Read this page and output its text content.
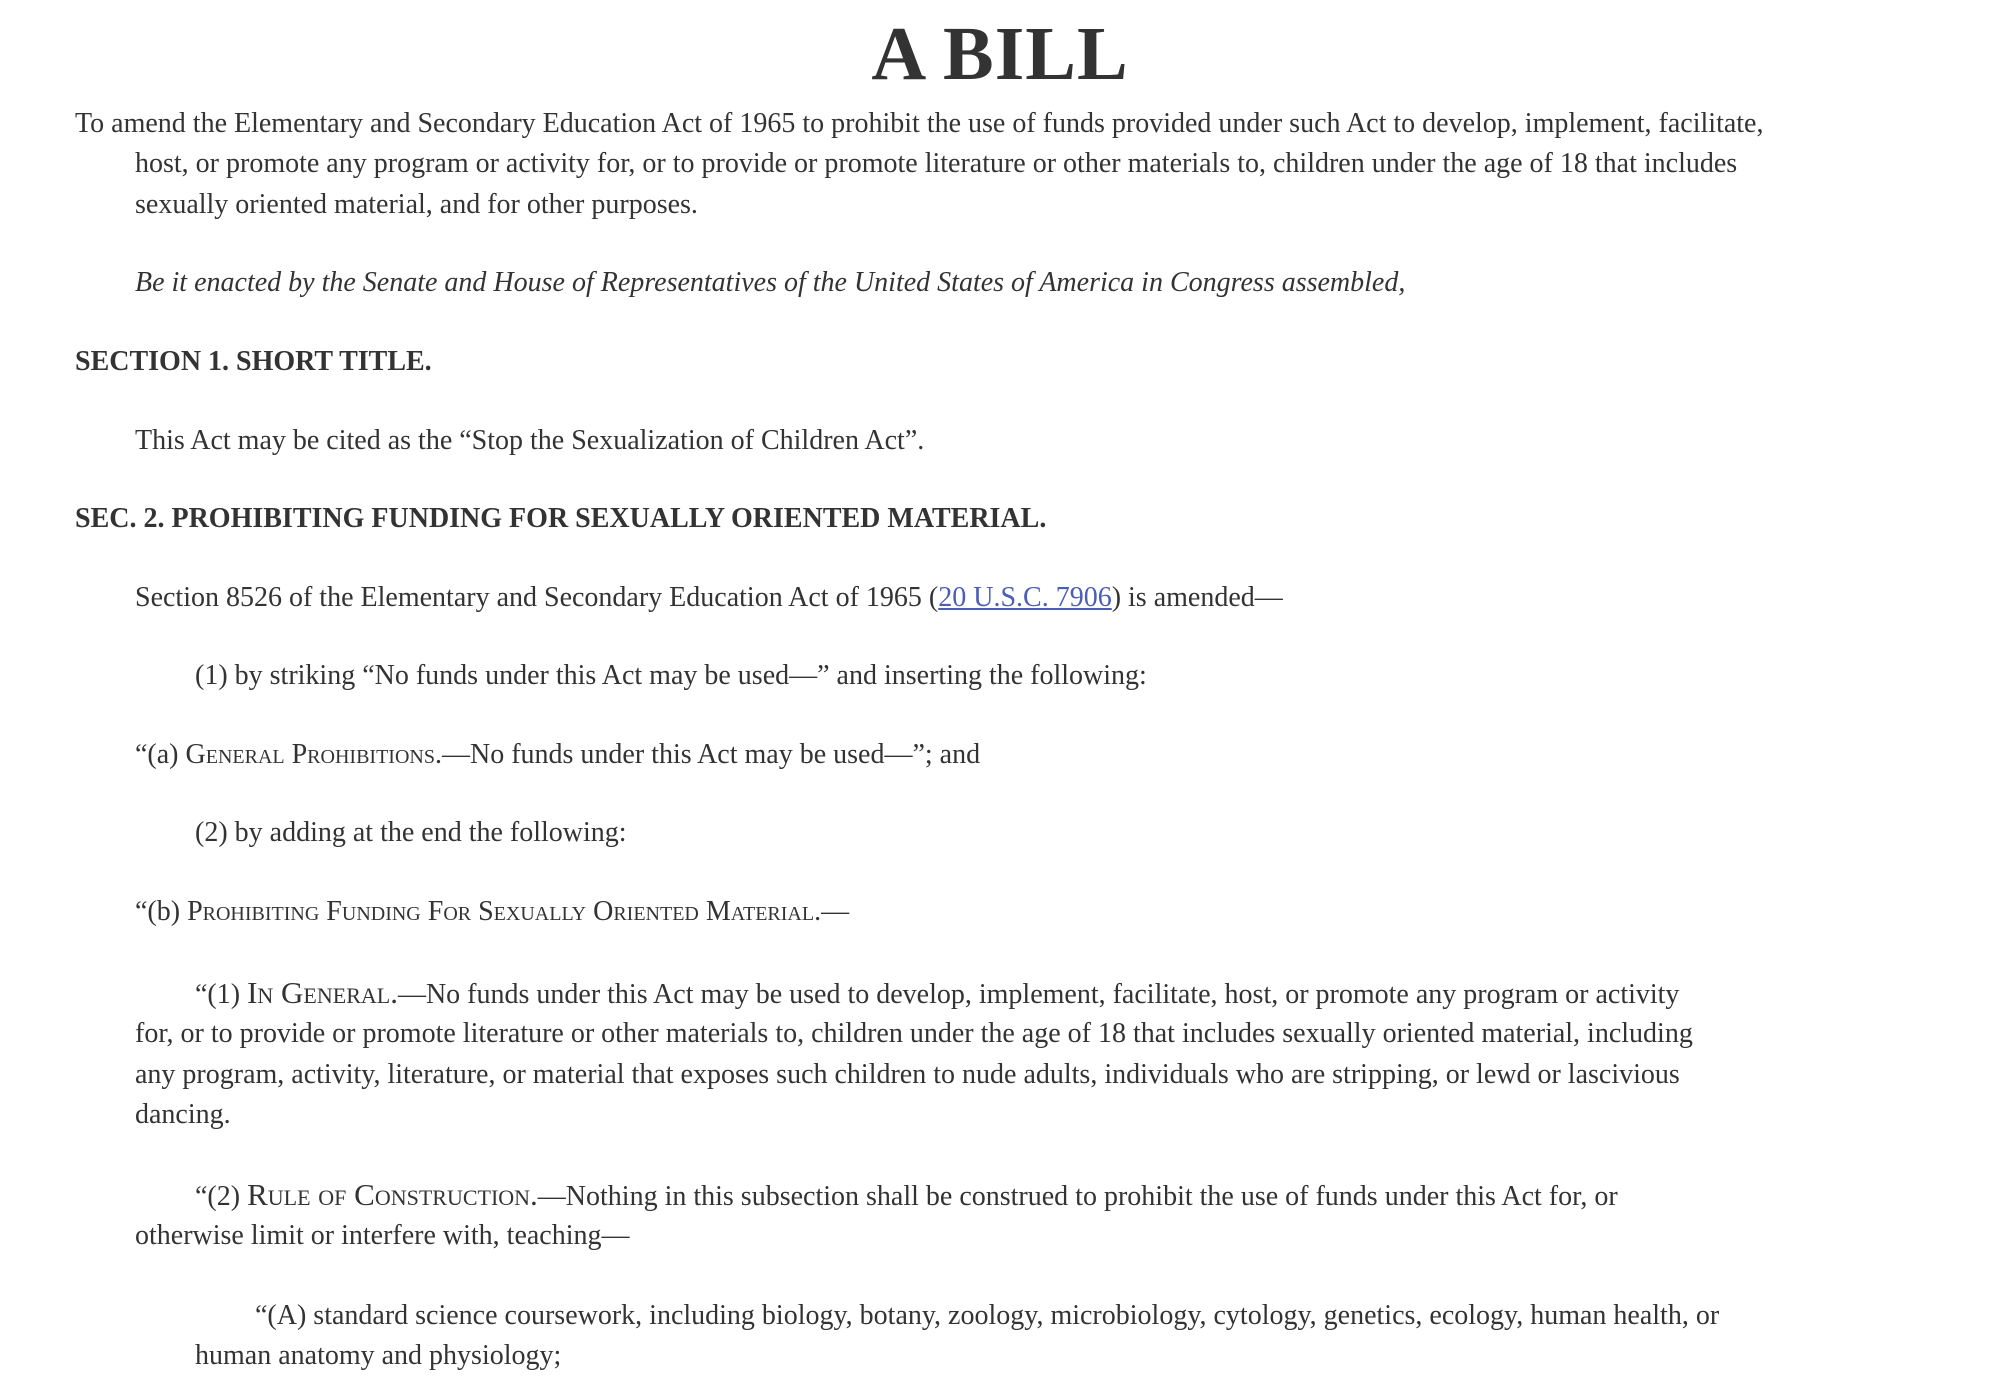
A BILL
To amend the Elementary and Secondary Education Act of 1965 to prohibit the use of funds provided under such Act to develop, implement, facilitate,
host, or promote any program or activity for, or to provide or promote literature or other materials to, children under the age of 18 that includes
sexually oriented material, and for other purposes.
Be it enacted by the Senate and House of Representatives of the United States of America in Congress assembled,
SECTION 1. SHORT TITLE.
This Act may be cited as the “Stop the Sexualization of Children Act”.
SEC. 2. PROHIBITING FUNDING FOR SEXUALLY ORIENTED MATERIAL.
Section 8526 of the Elementary and Secondary Education Act of 1965 (20 U.S.C. 7906) is amended—
(1) by striking “No funds under this Act may be used—” and inserting the following:
“(a) General Prohibitions.—No funds under this Act may be used—”; and
(2) by adding at the end the following:
“(b) Prohibiting Funding For Sexually Oriented Material.—
“(1) In General.—No funds under this Act may be used to develop, implement, facilitate, host, or promote any program or activity
for, or to provide or promote literature or other materials to, children under the age of 18 that includes sexually oriented material, including
any program, activity, literature, or material that exposes such children to nude adults, individuals who are stripping, or lewd or lascivious
dancing.
“(2) Rule of Construction.—Nothing in this subsection shall be construed to prohibit the use of funds under this Act for, or
otherwise limit or interfere with, teaching—
“(A) standard science coursework, including biology, botany, zoology, microbiology, cytology, genetics, ecology, human health, or
human anatomy and physiology;
